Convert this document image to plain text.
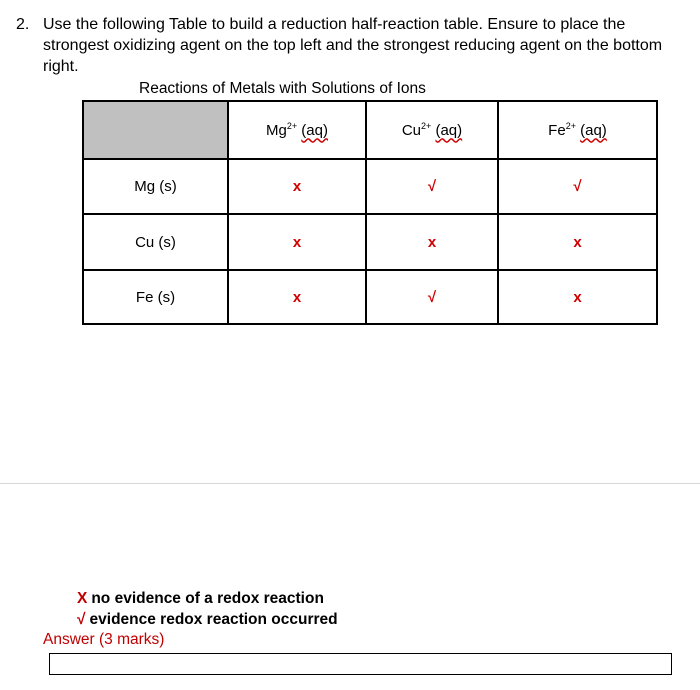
2. Use the following Table to build a reduction half-reaction table. Ensure to place the strongest oxidizing agent on the top left and the strongest reducing agent on the bottom right.
Reactions of Metals with Solutions of Ions
	$Mg^{2+}$ (aq)	$Cu^{2+}$ (aq)	$Fe^{2+}$ (aq)
Mg (s)	x	√	√
Cu (s)	x	x	x
Fe (s)	x	√	x
X no evidence of a redox reaction
√ evidence redox reaction occurred
Answer (3 marks)
